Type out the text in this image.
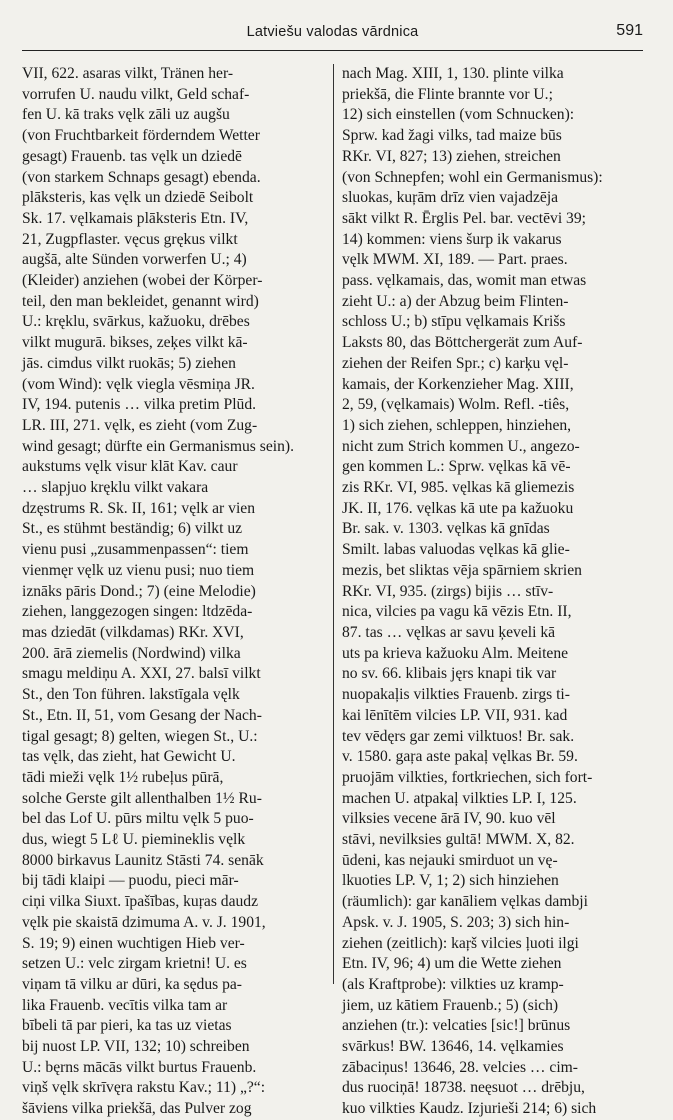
Latviešu valodas vārdnica	591
VII, 622. asaras vilkt, Tränen her-
vorrufen U. naudu vilkt, Geld schaf-
fen U. kā traks vęlk zāli uz augšu
(von Fruchtbarkeit förderndem Wetter
gesagt) Frauenb. tas vęlk un dziedē
(von starkem Schnaps gesagt) ebenda.
plāksteris, kas vęlk un dziedē Seibolt
Sk. 17. vęlkamais plāksteris Etn. IV,
21, Zugpflaster. vęcus grękus vilkt
augšā, alte Sünden vorwerfen U.; 4)
(Kleider) anziehen (wobei der Körper-
teil, den man bekleidet, genannt wird)
U.: kręklu, svārkus, kažuoku, drēbes
vilkt mugurā. bikses, zeķes vilkt kā-
jās. cimdus vilkt ruokās; 5) ziehen
(vom Wind): vęlk viegla vēsmiņa JR.
IV, 194. putenis … vilka pretim Plūd.
LR. III, 271. vęlk, es zieht (vom Zug-
wind gesagt; dürfte ein Germanismus sein).
aukstums vęlk visur klāt Kav. caur
… slapjuo kręklu vilkt vakara
dzęstrums R. Sk. II, 161; vęlk ar vien
St., es stühmt beständig; 6) vilkt uz
vienu pusi „zusammenpassen“: tiem
vienmęr vęlk uz vienu pusi; nuo tiem
iznāks pāris Dond.; 7) (eine Melodie)
ziehen, langgezogen singen: ltdzēda-
mas dziedāt (vilkdamas) RKr. XVI,
200. ārā ziemelis (Nordwind) vilka
smagu meldiņu A. XXI, 27. balsī vilkt
St., den Ton führen. lakstīgala vęlk
St., Etn. II, 51, vom Gesang der Nach-
tigal gesagt; 8) gelten, wiegen St., U.:
tas vęlk, das zieht, hat Gewicht U.
tādi mieži vęlk 1½ rubeļus pūrā,
solche Gerste gilt allenthalben 1½ Ru-
bel das Lof U. pūrs miltu vęlk 5 puo-
dus, wiegt 5 Lℓ U. piemineklis vęlk
8000 birkavus Launitz Stāsti 74. senāk
bij tādi klaipi — puodu, pieci mār-
ciņi vilka Siuxt. īpašības, kuŗas daudz
vęlk pie skaistā dzimuma A. v. J. 1901,
S. 19; 9) einen wuchtigen Hieb ver-
setzen U.: velc zirgam krietni! U. es
viņam tā vilku ar dūri, ka sędus pa-
lika Frauenb. vecītis vilka tam ar
bībeli tā par pieri, ka tas uz vietas
bij nuost LP. VII, 132; 10) schreiben
U.: bęrns mācās vilkt burtus Frauenb.
viņš vęlk skrīvęra rakstu Kav.; 11) „?“:
šāviens vilka priekšā, das Pulver zog
nach Mag. XIII, 1, 130. plinte vilka
priekšā, die Flinte brannte vor U.;
12) sich einstellen (vom Schnucken):
Sprw. kad žagi vilks, tad maize būs
RKr. VI, 827; 13) ziehen, streichen
(von Schnepfen; wohl ein Germanismus):
sluokas, kuŗām drīz vien vajadzēja
sākt vilkt R. Ērglis Pel. bar. vectēvi 39;
14) kommen: viens šurp ik vakarus
vęlk MWM. XI, 189. — Part. praes.
pass. vęlkamais, das, womit man etwas
zieht U.: a) der Abzug beim Flinten-
schloss U.; b) stīpu vęlkamais Krišs
Laksts 80, das Böttchergerät zum Auf-
ziehen der Reifen Spr.; c) karķu vęl-
kamais, der Korkenzieher Mag. XIII,
2, 59, (vęlkamais) Wolm. Refl. -tiês,
1) sich ziehen, schleppen, hinziehen,
nicht zum Strich kommen U., angezo-
gen kommen L.: Sprw. vęlkas kā vē-
zis RKr. VI, 985. vęlkas kā gliemezis
JK. II, 176. vęlkas kā ute pa kažuoku
Br. sak. v. 1303. vęlkas kā gnīdas
Smilt. labas valuodas vęlkas kā glie-
mezis, bet sliktas vēja spārniem skrien
RKr. VI, 935. (zirgs) bijis … stīv-
nica, vilcies pa vagu kā vēzis Etn. II,
87. tas … vęlkas ar savu ķeveli kā
uts pa krieva kažuoku Alm. Meitene
no sv. 66. klibais jęrs knapi tik var
nuopakaļis vilkties Frauenb. zirgs ti-
kai lēnītēm vilcies LP. VII, 931. kad
tev vēdęrs gar zemi vilktuos! Br. sak.
v. 1580. gaŗa aste pakaļ vęlkas Br. 59.
pruojām vilkties, fortkriechen, sich fort-
machen U. atpakaļ vilkties LP. I, 125.
vilksies vecene ārā IV, 90. kuo vēl
stāvi, nevilksies gultā! MWM. X, 82.
ūdeni, kas nejauki smirduot un vę-
lkuoties LP. V, 1; 2) sich hinziehen
(räumlich): gar kanāliem vęlkas dambji
Apsk. v. J. 1905, S. 203; 3) sich hin-
ziehen (zeitlich): kaŗš vilcies ļuoti ilgi
Etn. IV, 96; 4) um die Wette ziehen
(als Kraftprobe): vilkties uz kramp-
jiem, uz kātiem Frauenb.; 5) (sich)
anziehen (tr.): velcaties [sic!] brūnus
svārkus! BW. 13646, 14. vęlkamies
zābaciņus! 13646, 28. velcies … cim-
dus ruociņā! 18738. neęsuot … drēbju,
kuo vilkties Kaudz. Izjurieši 214; 6) sich
